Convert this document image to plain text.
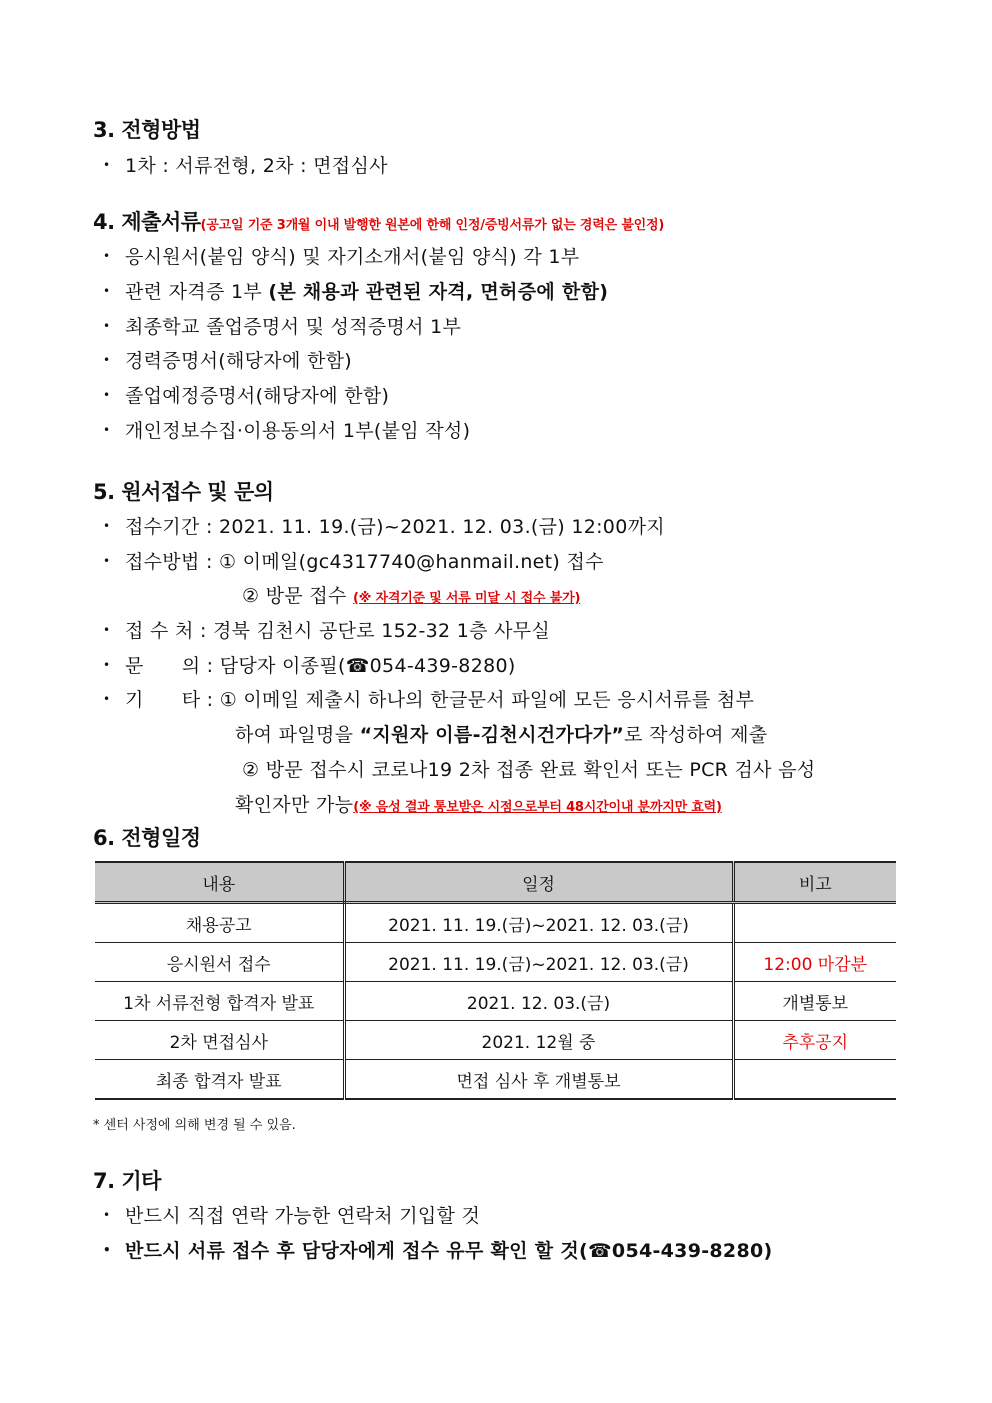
3. 전형방법
• 1차 : 서류전형, 2차 : 면접심사
4. 제출서류(공고일 기준 3개월 이내 발행한 원본에 한해 인정/증빙서류가 없는 경력은 불인정)
• 응시원서(붙임 양식) 및 자기소개서(붙임 양식) 각 1부
• 관련 자격증 1부 (본 채용과 관련된 자격, 면허증에 한함)
• 최종학교 졸업증명서 및 성적증명서 1부
• 경력증명서(해당자에 한함)
• 졸업예정증명서(해당자에 한함)
• 개인정보수집·이용동의서 1부(붙임 작성)
5. 원서접수 및 문의
• 접수기간 : 2021. 11. 19.(금)~2021. 12. 03.(금) 12:00까지
• 접수방법 : ① 이메일(gc4317740@hanmail.net) 접수
② 방문 접수 (※ 자격기준 및 서류 미달 시 접수 불가)
• 접 수 처 : 경북 김천시 공단로 152-32 1층 사무실
• 문      의 : 담당자 이종필(☎054-439-8280)
• 기      타 : ① 이메일 제출시 하나의 한글문서 파일에 모든 응시서류를 첨부
하여 파일명을 “지원자 이름-김천시건가다가”로 작성하여 제출
② 방문 접수시 코로나19 2차 접종 완료 확인서 또는 PCR 검사 음성
확인자만 가능(※ 음성 결과 통보받은 시점으로부터 48시간이내 분까지만 효력)
6. 전형일정
내용	일정	비고
채용공고	2021. 11. 19.(금)~2021. 12. 03.(금)	
응시원서 접수	2021. 11. 19.(금)~2021. 12. 03.(금)	12:00 마감분
1차 서류전형 합격자 발표	2021. 12. 03.(금)	개별통보
2차 면접심사	2021. 12월 중	추후공지
최종 합격자 발표	면접 심사 후 개별통보	
* 센터 사정에 의해 변경 될 수 있음.
7. 기타
• 반드시 직접 연락 가능한 연락처 기입할 것
• 반드시 서류 접수 후 담당자에게 접수 유무 확인 할 것(☎054-439-8280)
